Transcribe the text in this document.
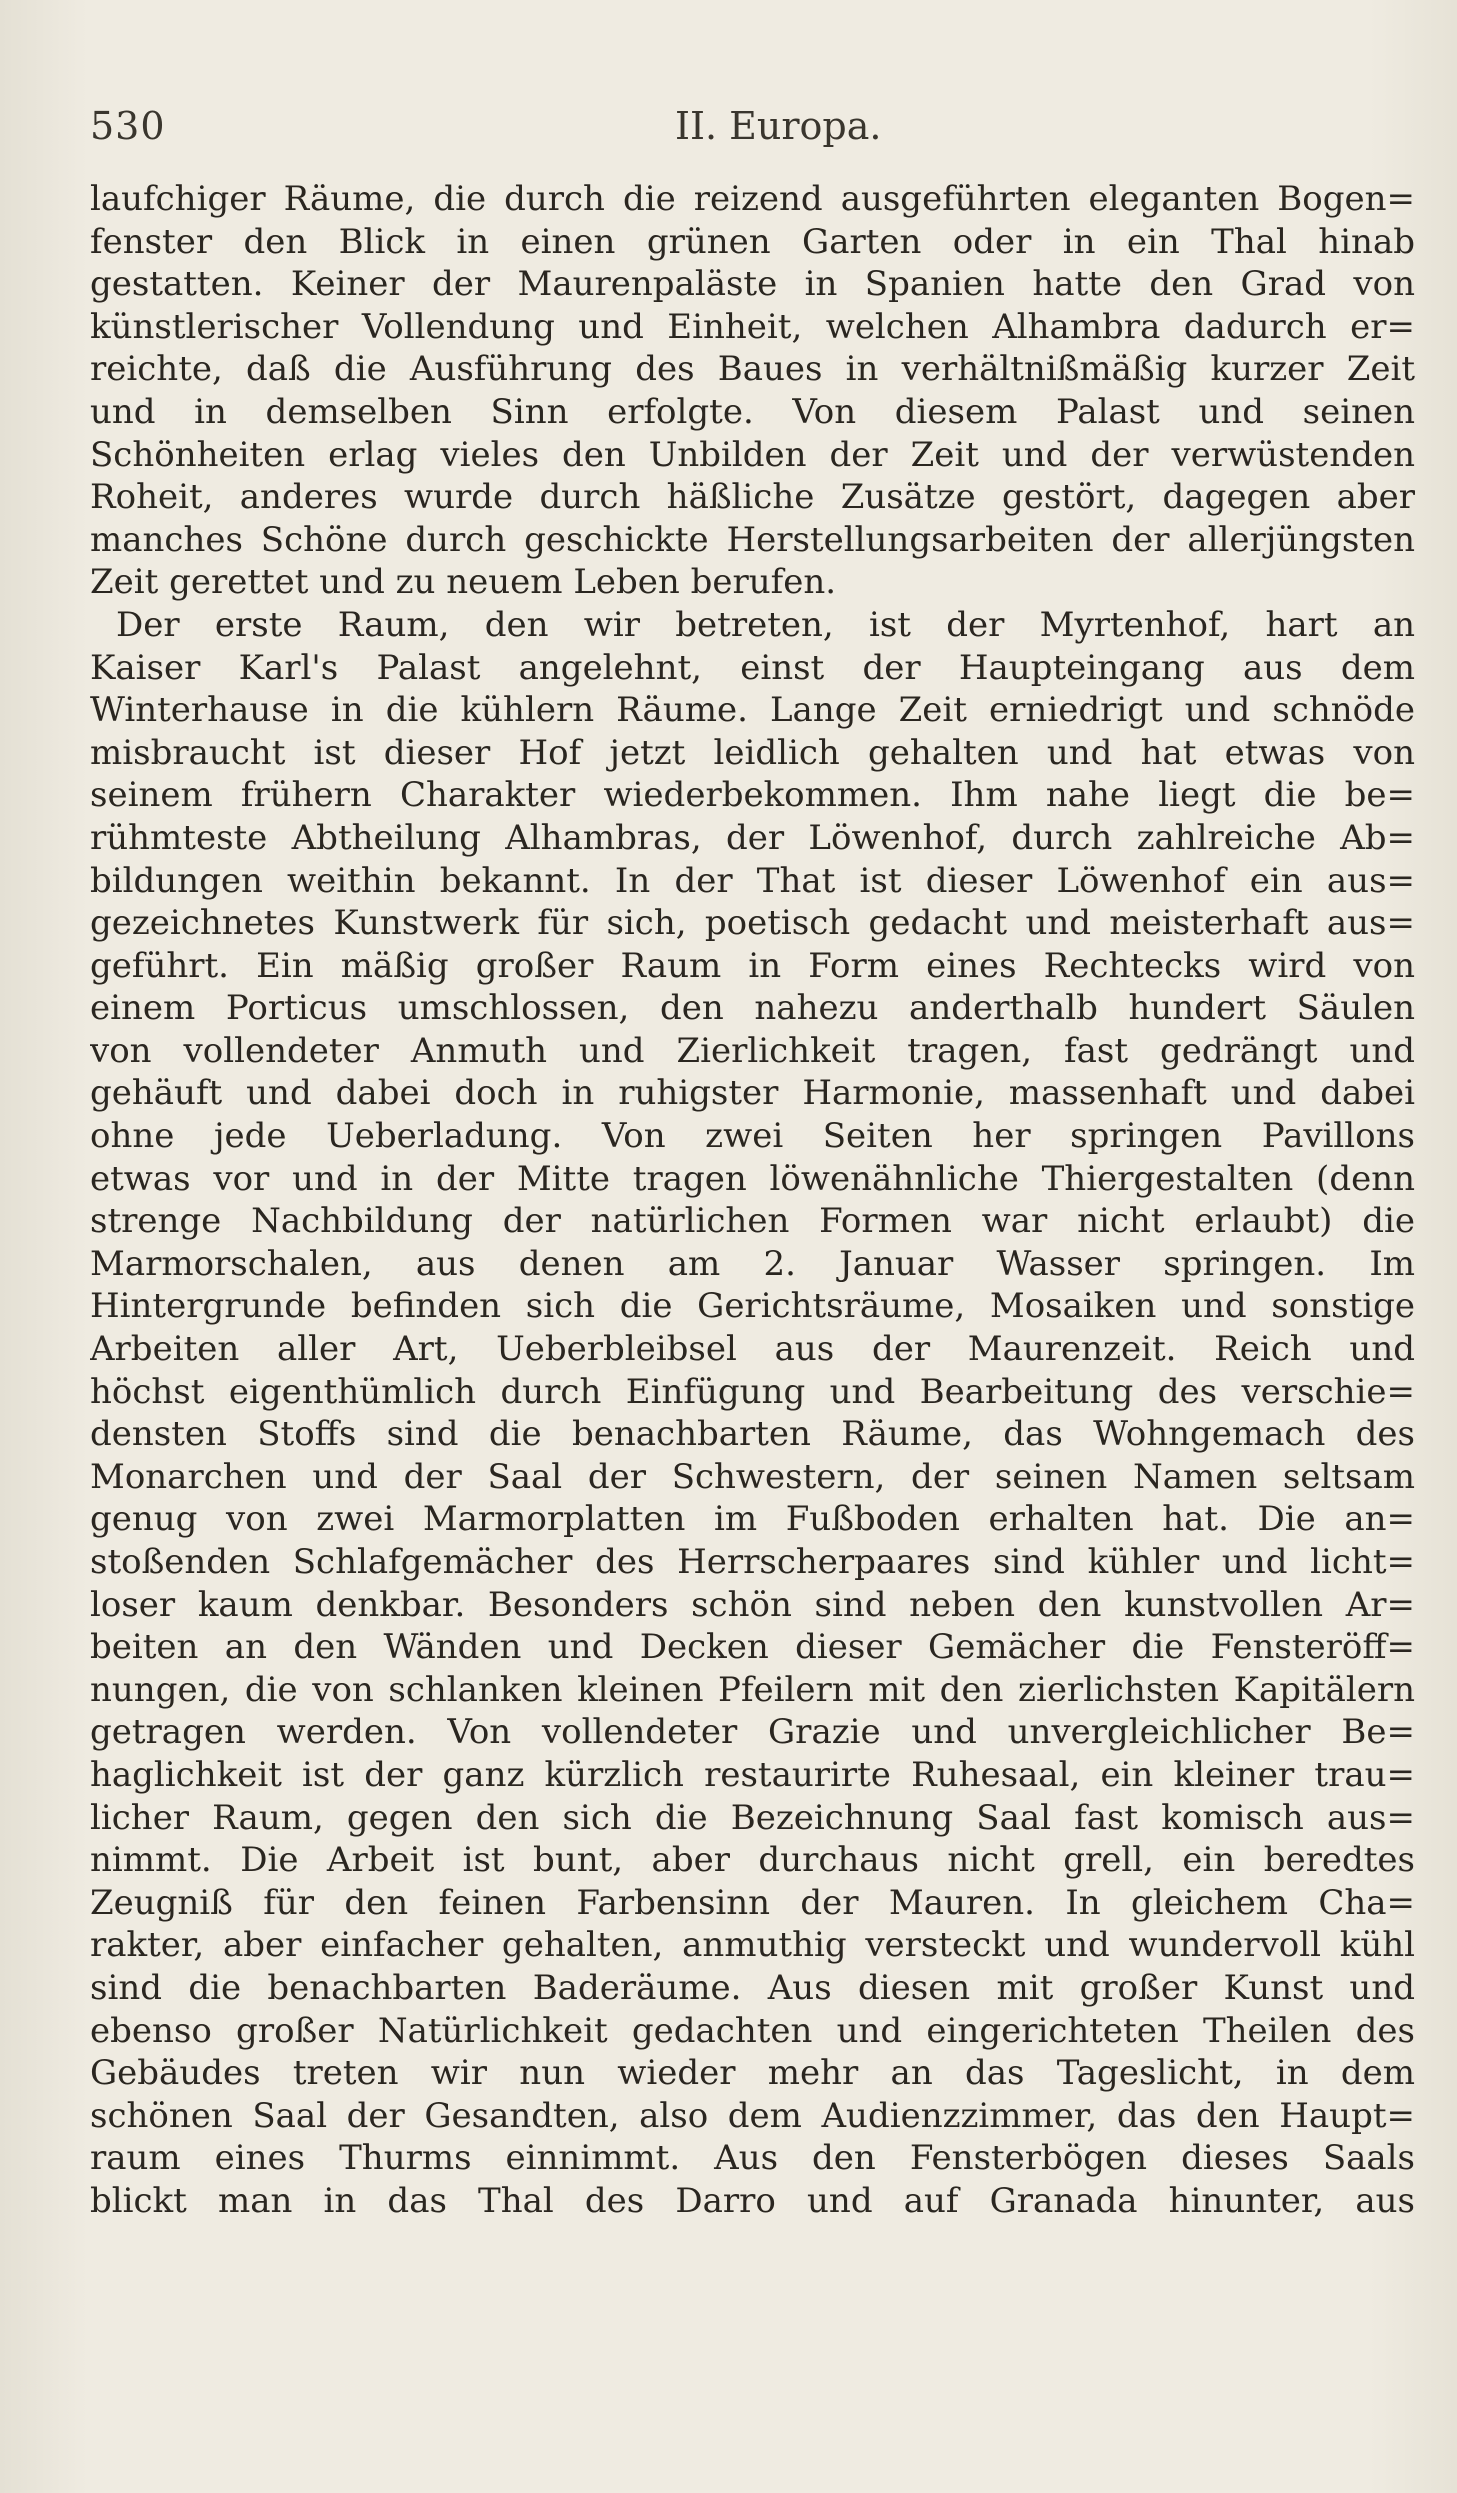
530	II. Europa.
laufchiger Räume, die durch die reizend ausgeführten eleganten Bogen=
fenster den Blick in einen grünen Garten oder in ein Thal hinab
gestatten. Keiner der Maurenpaläste in Spanien hatte den Grad von
künstlerischer Vollendung und Einheit, welchen Alhambra dadurch er=
reichte, daß die Ausführung des Baues in verhältnißmäßig kurzer Zeit
und in demselben Sinn erfolgte. Von diesem Palast und seinen
Schönheiten erlag vieles den Unbilden der Zeit und der verwüstenden
Roheit, anderes wurde durch häßliche Zusätze gestört, dagegen aber
manches Schöne durch geschickte Herstellungsarbeiten der allerjüngsten
Zeit gerettet und zu neuem Leben berufen.
Der erste Raum, den wir betreten, ist der Myrtenhof, hart an
Kaiser Karl's Palast angelehnt, einst der Haupteingang aus dem
Winterhause in die kühlern Räume. Lange Zeit erniedrigt und schnöde
misbraucht ist dieser Hof jetzt leidlich gehalten und hat etwas von
seinem frühern Charakter wiederbekommen. Ihm nahe liegt die be=
rühmteste Abtheilung Alhambras, der Löwenhof, durch zahlreiche Ab=
bildungen weithin bekannt. In der That ist dieser Löwenhof ein aus=
gezeichnetes Kunstwerk für sich, poetisch gedacht und meisterhaft aus=
geführt. Ein mäßig großer Raum in Form eines Rechtecks wird von
einem Porticus umschlossen, den nahezu anderthalb hundert Säulen
von vollendeter Anmuth und Zierlichkeit tragen, fast gedrängt und
gehäuft und dabei doch in ruhigster Harmonie, massenhaft und dabei
ohne jede Ueberladung. Von zwei Seiten her springen Pavillons
etwas vor und in der Mitte tragen löwenähnliche Thiergestalten (denn
strenge Nachbildung der natürlichen Formen war nicht erlaubt) die
Marmorschalen, aus denen am 2. Januar Wasser springen. Im
Hintergrunde befinden sich die Gerichtsräume, Mosaiken und sonstige
Arbeiten aller Art, Ueberbleibsel aus der Maurenzeit. Reich und
höchst eigenthümlich durch Einfügung und Bearbeitung des verschie=
densten Stoffs sind die benachbarten Räume, das Wohngemach des
Monarchen und der Saal der Schwestern, der seinen Namen seltsam
genug von zwei Marmorplatten im Fußboden erhalten hat. Die an=
stoßenden Schlafgemächer des Herrscherpaares sind kühler und licht=
loser kaum denkbar. Besonders schön sind neben den kunstvollen Ar=
beiten an den Wänden und Decken dieser Gemächer die Fensteröff=
nungen, die von schlanken kleinen Pfeilern mit den zierlichsten Kapitälern
getragen werden. Von vollendeter Grazie und unvergleichlicher Be=
haglichkeit ist der ganz kürzlich restaurirte Ruhesaal, ein kleiner trau=
licher Raum, gegen den sich die Bezeichnung Saal fast komisch aus=
nimmt. Die Arbeit ist bunt, aber durchaus nicht grell, ein beredtes
Zeugniß für den feinen Farbensinn der Mauren. In gleichem Cha=
rakter, aber einfacher gehalten, anmuthig versteckt und wundervoll kühl
sind die benachbarten Baderäume. Aus diesen mit großer Kunst und
ebenso großer Natürlichkeit gedachten und eingerichteten Theilen des
Gebäudes treten wir nun wieder mehr an das Tageslicht, in dem
schönen Saal der Gesandten, also dem Audienzzimmer, das den Haupt=
raum eines Thurms einnimmt. Aus den Fensterbögen dieses Saals
blickt man in das Thal des Darro und auf Granada hinunter, aus
